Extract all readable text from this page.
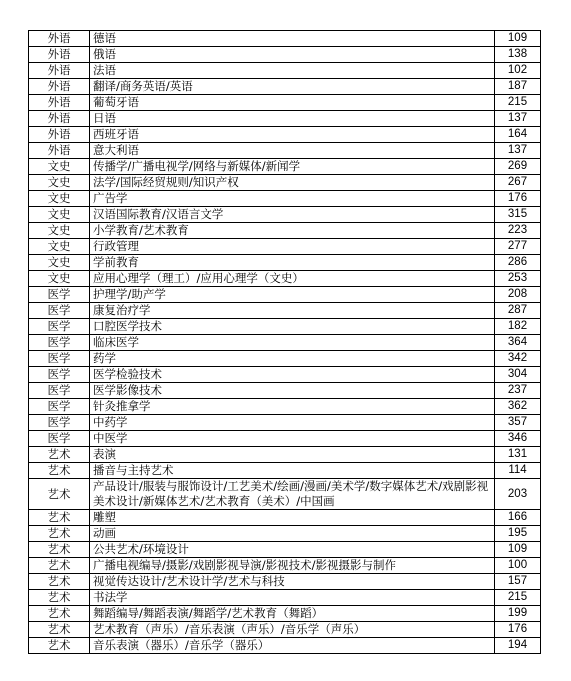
外语	德语	109
外语	俄语	138
外语	法语	102
外语	翻译/商务英语/英语	187
外语	葡萄牙语	215
外语	日语	137
外语	西班牙语	164
外语	意大利语	137
文史	传播学/广播电视学/网络与新媒体/新闻学	269
文史	法学/国际经贸规则/知识产权	267
文史	广告学	176
文史	汉语国际教育/汉语言文学	315
文史	小学教育/艺术教育	223
文史	行政管理	277
文史	学前教育	286
文史	应用心理学（理工）/应用心理学（文史）	253
医学	护理学/助产学	208
医学	康复治疗学	287
医学	口腔医学技术	182
医学	临床医学	364
医学	药学	342
医学	医学检验技术	304
医学	医学影像技术	237
医学	针灸推拿学	362
医学	中药学	357
医学	中医学	346
艺术	表演	131
艺术	播音与主持艺术	114
艺术	产品设计/服装与服饰设计/工艺美术/绘画/漫画/美术学/数字媒体艺术/戏剧影视美术设计/新媒体艺术/艺术教育（美术）/中国画	203
艺术	雕塑	166
艺术	动画	195
艺术	公共艺术/环境设计	109
艺术	广播电视编导/摄影/戏剧影视导演/影视技术/影视摄影与制作	100
艺术	视觉传达设计/艺术设计学/艺术与科技	157
艺术	书法学	215
艺术	舞蹈编导/舞蹈表演/舞蹈学/艺术教育（舞蹈）	199
艺术	艺术教育（声乐）/音乐表演（声乐）/音乐学（声乐）	176
艺术	音乐表演（器乐）/音乐学（器乐）	194
